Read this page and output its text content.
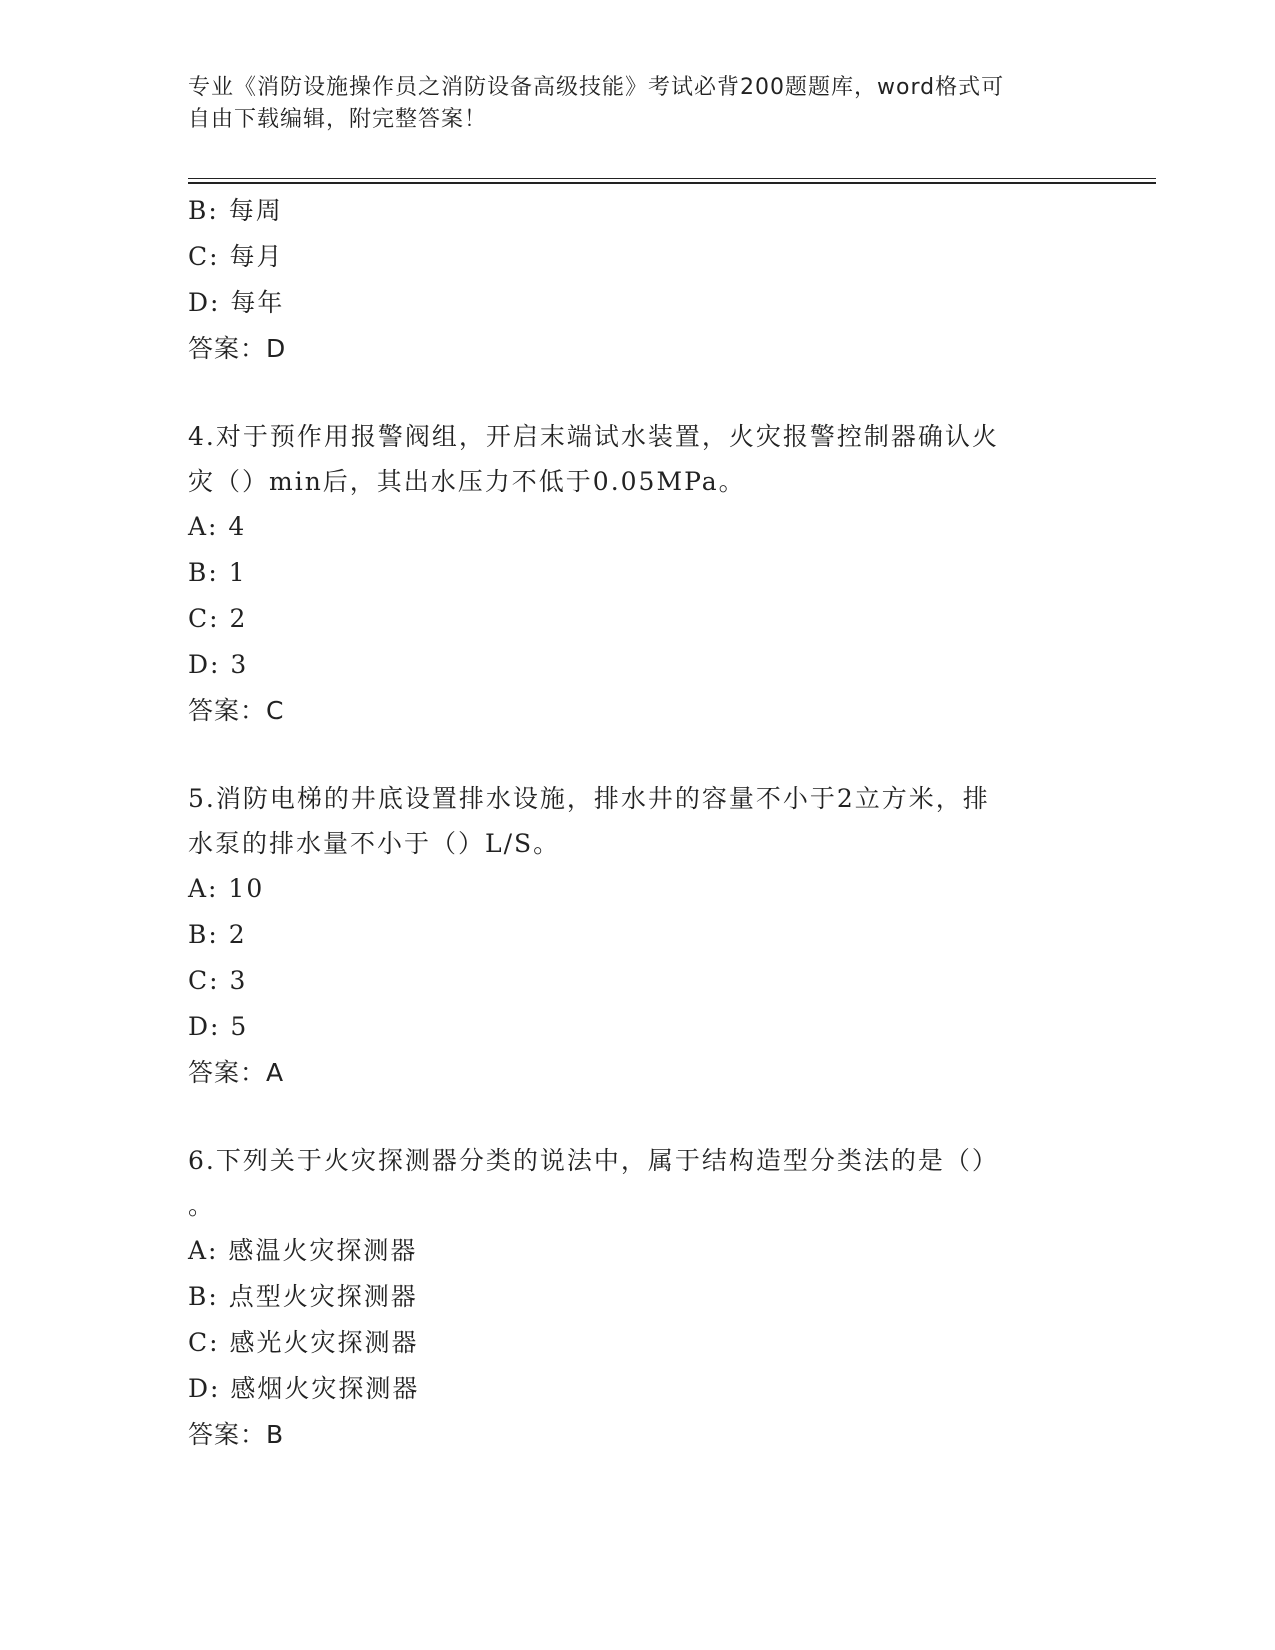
专业《消防设施操作员之消防设备高级技能》考试必背200题题库，word格式可
自由下载编辑，附完整答案！
B: 每周
C: 每月
D: 每年
答案：D
4.对于预作用报警阀组，开启末端试水装置，火灾报警控制器确认火
灾（）min后，其出水压力不低于0.05MPa。
A: 4
B: 1
C: 2
D: 3
答案：C
5.消防电梯的井底设置排水设施，排水井的容量不小于2立方米，排
水泵的排水量不小于（）L/S。
A: 10
B: 2
C: 3
D: 5
答案：A
6.下列关于火灾探测器分类的说法中，属于结构造型分类法的是（）
。
A: 感温火灾探测器
B: 点型火灾探测器
C: 感光火灾探测器
D: 感烟火灾探测器
答案：B
